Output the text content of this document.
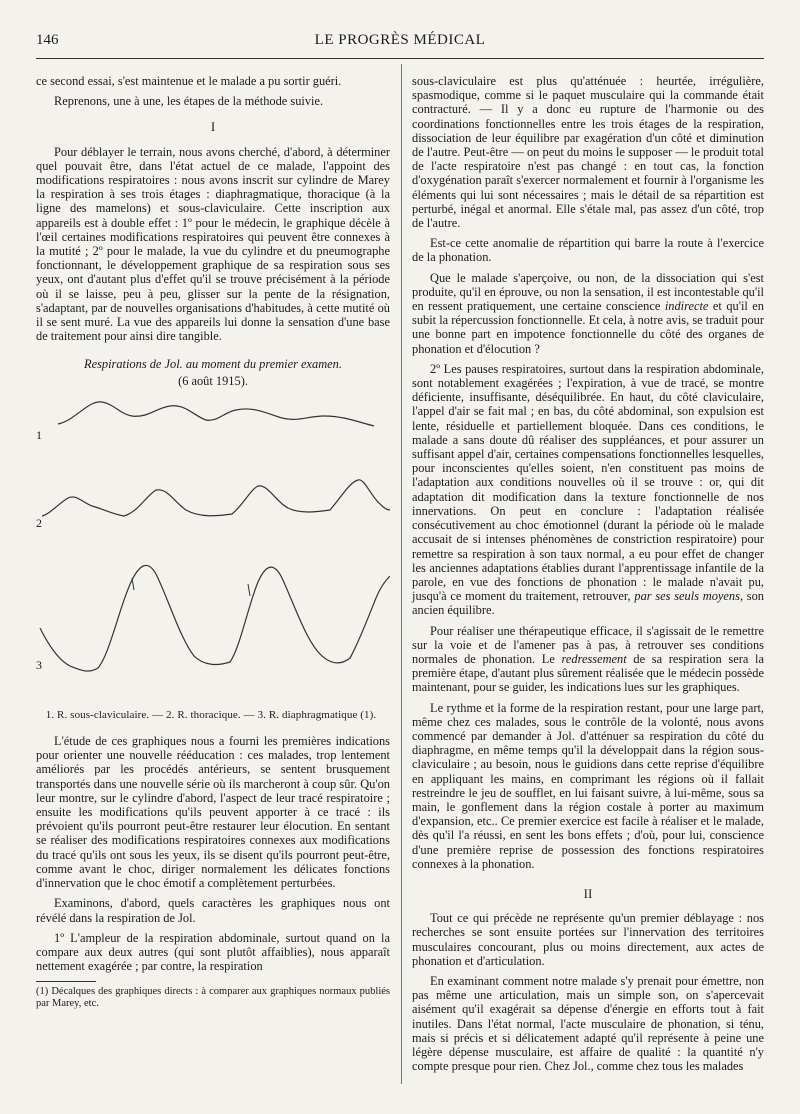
146	LE PROGRÈS MÉDICAL

ce second essai, s'est maintenue et le malade a pu sortir guéri.

Reprenons, une à une, les étapes de la méthode suivie.

I

Pour déblayer le terrain, nous avons cherché, d'abord, à déterminer quel pouvait être, dans l'état actuel de ce malade, l'appoint des modifications respiratoires : nous avons inscrit sur cylindre de Marey la respiration à ses trois étages : diaphragmatique, thoracique (à la ligne des mamelons) et sous-claviculaire. Cette inscription aux appareils est à double effet : 1º pour le médecin, le graphique décèle à l'œil certaines modifications respiratoires qui peuvent être connexes à la mutité ; 2º pour le malade, la vue du cylindre et du pneumographe fonctionnant, le développement graphique de sa respiration sous ses yeux, ont d'autant plus d'effet qu'il se trouve précisément à la période où il se laisse, peu à peu, glisser sur la pente de la résignation, s'adaptant, par de nouvelles organisations d'habitudes, à cette mutité où il se sent muré. La vue des appareils lui donne la sensation d'une base de traitement pour ainsi dire tangible.

Respirations de Jol. au moment du premier examen.
(6 août 1915).
1
2
3
1. R. sous-claviculaire. — 2. R. thoracique. — 3. R. diaphragmatique (1).

L'étude de ces graphiques nous a fourni les premières indications pour orienter une nouvelle rééducation : ces malades, trop lentement améliorés par les procédés antérieurs, se sentent brusquement transportés dans une nouvelle série où ils marcheront à coup sûr. Qu'on leur montre, sur le cylindre d'abord, l'aspect de leur tracé respiratoire ; ensuite les modifications qu'ils peuvent apporter à ce tracé : ils prévoient qu'ils pourront peut-être restaurer leur élocution. En sentant se réaliser des modifications respiratoires connexes aux modifications du tracé qu'ils ont sous les yeux, ils se disent qu'ils pourront peut-être, comme avant le choc, diriger normalement les délicates fonctions d'innervation que le choc émotif a complètement perturbées.

Examinons, d'abord, quels caractères les graphiques nous ont révélé dans la respiration de Jol.

1º L'ampleur de la respiration abdominale, surtout quand on la compare aux deux autres (qui sont plutôt affaiblies), nous apparaît nettement exagérée ; par contre, la respiration

(1) Décalques des graphiques directs : à comparer aux graphiques normaux publiés par Marey, etc.

sous-claviculaire est plus qu'atténuée : heurtée, irrégulière, spasmodique, comme si le paquet musculaire qui la commande était contracturé. — Il y a donc eu rupture de l'harmonie ou des coordinations fonctionnelles entre les trois étages de la respiration, dissociation de leur équilibre par exagération d'un côté et diminution de l'autre. Peut-être — on peut du moins le supposer — le produit total de l'acte respiratoire n'est pas changé : en tout cas, la fonction d'oxygénation paraît s'exercer normalement et fournir à l'organisme les éléments qui lui sont nécessaires ; mais le détail de sa répartition est perturbé, inégal et anormal. Elle s'étale mal, pas assez d'un côté, trop de l'autre.

Est-ce cette anomalie de répartition qui barre la route à l'exercice de la phonation.

Que le malade s'aperçoive, ou non, de la dissociation qui s'est produite, qu'il en éprouve, ou non la sensation, il est incontestable qu'il en ressent pratiquement, une certaine conscience indirecte et qu'il en subit la répercussion fonctionnelle. Et cela, à notre avis, se traduit pour une bonne part en impotence fonctionnelle du côté des organes de phonation et d'élocution ?

2º Les pauses respiratoires, surtout dans la respiration abdominale, sont notablement exagérées ; l'expiration, à vue de tracé, se montre déficiente, insuffisante, déséquilibrée. En haut, du côté claviculaire, l'appel d'air se fait mal ; en bas, du côté abdominal, son expulsion est lente, résiduelle et partiellement bloquée. Dans ces conditions, le malade a sans doute dû réaliser des suppléances, et pour assurer un suffisant appel d'air, certaines compensations fonctionnelles lesquelles, pour inconscientes qu'elles soient, n'en constituent pas moins de l'adaptation aux conditions nouvelles où il se trouve : or, qui dit adaptation dit modification dans la texture fonctionnelle de nos innervations. On peut en conclure : l'adaptation réalisée consécutivement au choc émotionnel (durant la période où le malade accusait de si intenses phénomènes de constriction respiratoire) pour remettre sa respiration à son taux normal, a eu pour effet de changer les anciennes adaptations établies durant l'apprentissage infantile de la parole, en vue des fonctions de phonation : le malade n'avait pu, jusqu'à ce moment du traitement, retrouver, par ses seuls moyens, son ancien équilibre.

Pour réaliser une thérapeutique efficace, il s'agissait de le remettre sur la voie et de l'amener pas à pas, à retrouver ses conditions normales de phonation. Le redressement de sa respiration sera la première étape, d'autant plus sûrement réalisée que le médecin possède maintenant, pour se guider, les indications lues sur les graphiques.

Le rythme et la forme de la respiration restant, pour une large part, même chez ces malades, sous le contrôle de la volonté, nous avons commencé par demander à Jol. d'atténuer sa respiration du côté du diaphragme, en même temps qu'il la développait dans la région sous-claviculaire ; au besoin, nous le guidions dans cette reprise d'équilibre en appliquant les mains, en comprimant les régions où il fallait restreindre le jeu de soufflet, en lui faisant suivre, à lui-même, sous sa main, le gonflement dans la région costale à porter au maximum d'expansion, etc.. Ce premier exercice est facile à réaliser et le malade, dès qu'il l'a réussi, en sent les bons effets ; d'où, pour lui, conscience d'une première reprise de possession des fonctions respiratoires connexes à la phonation.

II

Tout ce qui précède ne représente qu'un premier déblayage : nos recherches se sont ensuite portées sur l'innervation des territoires musculaires concourant, plus ou moins directement, aux actes de phonation et d'articulation.

En examinant comment notre malade s'y prenait pour émettre, non pas même une articulation, mais un simple son, on s'apercevait aisément qu'il exagérait sa dépense d'énergie en efforts tout à fait inutiles. Dans l'état normal, l'acte musculaire de phonation, si ténu, mais si précis et si délicatement adapté qu'il représente à peine une légère dépense musculaire, est affaire de qualité : la quantité n'y compte presque pour rien. Chez Jol., comme chez tous les malades
